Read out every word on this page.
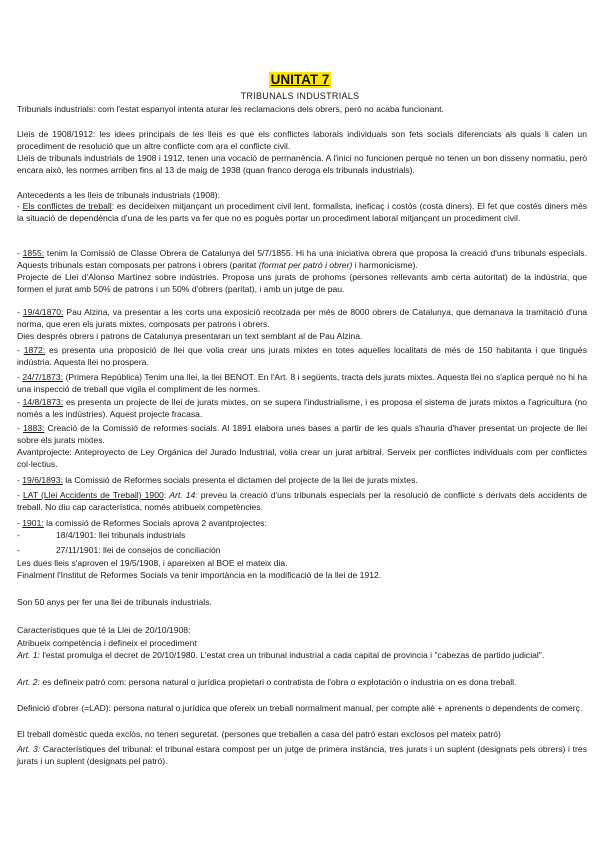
UNITAT 7
TRIBUNALS INDUSTRIALS
Tribunals industrials: com l'estat espanyol intenta aturar les reclamacions dels obrers, però no acaba funcionant.
Lleis de 1908/1912: les idees principals de les lleis es que els conflictes laborals individuals son fets socials diferenciats als quals li calen un procediment de resolució que un altre conflicte com ara el conflicte civil.
Lleis de tribunals industrials de 1908 i 1912, tenen una vocació de permanència. A l'inici no funcionen perquè no tenen un bon disseny normatiu, però encara això, les normes arriben fins al 13 de maig de 1938 (quan franco deroga els tribunals industrials).
Antecedents a les lleis de tribunals industrials (1908):
- Els conflictes de treball: es decideixen mitjançant un procediment civil lent, formalista, ineficaç i costós (costa diners). El fet que costés diners més la situació de dependència d'una de les parts va fer que no es poguès portar un procediment laboral mitjançant un procediment civil.
- 1855: tenim la Comissió de Classe Obrera de Catalunya del 5/7/1855. Hi ha una iniciativa obrera que proposa la creació d'uns tribunals especials. Aquests tribunals estan composats per patrons i obrers (paritat (format per patró i obrer) i harmonicisme).
Projecte de Llei d'Alonso Martínez sobre indústries. Proposa uns jurats de prohoms (persones rellevants amb certa autoritat) de la indústria, que formen el jurat amb 50% de patrons i un 50% d'obrers (paritat), i amb un jutge de pau.
- 19/4/1870: Pau Alzina, va presentar a les corts una exposició recolzada per més de 8000 obrers de Catalunya, que demanava la tramitació d'una norma, que eren els jurats mixtes, composats per patrons i obrers.
Dies després obrers i patrons de Catalunya presentaran un text semblant al de Pau Alzina.
- 1872: es presenta una proposició de llei que volia crear uns jurats mixtes en totes aquelles localitats de més de 150 habitanta i que tingués indústria. Aquesta llei no prospera.
- 24/7/1873: (Primera República) Tenim una llei, la llei BENOT. En l'Art. 8 i següents, tracta dels jurats mixtes. Aquesta llei no s'aplica perquè no hi ha una inspecció de treball que vigila el compliment de les normes.
- 14/8/1873: es presenta un projecte de llei de jurats mixtes, on se supera l'industrialisme, i es proposa el sistema de jurats mixtos a l'agricultura (no només a les indústries). Aquest projecte fracasa.
- 1883: Creació de la Comissió de reformes socials. Al 1891 elabora unes bases a partir de les quals s'hauria d'haver presentat un projecte de llei sobre els jurats mixtes.
Avantprojecte: Anteproyecto de Ley Orgánica del Jurado Industrial, volia crear un jurat arbitral. Serveix per conflictes individuals com per conflictes col·lectius.
- 19/6/1893: la Comissió de Reformes socials presenta el dictamen del projecte de la llei de jurats mixtes.
- LAT (Llei Accidents de Treball) 1900: Art. 14: preveu la creació d'uns tribunals especials per la resolució de conflicte s derivats dels accidents de treball. No diu cap característica, només atribueix competències.
- 1901: la comissió de Reformes Socials aprova 2 avantprojectes:
-	18/4/1901: llei tribunals industrials
-	27/11/1901: llei de consejos de conciliación
Les dues lleis s'aproven el 19/5/1908, i apareixen al BOE el mateix dia.
Finalment l'Institut de Reformes Socials va tenir importància en la modificació de la llei de 1912.
Son 50 anys per fer una llei de tribunals industrials.
Característiques que té la Llei de 20/10/1908:
Atribueix competència i defineix el procediment
Art. 1: l'estat promulga el decret de 20/10/1980. L'estat crea un tribunal industrial a cada capital de provincia i "cabezas de partido judicial".
Art. 2: es defineix patró com: persona natural o jurídica propietari o contratista de l'obra o explotación o industria on es dona treball.
Definició d'obrer (=LAD): persona natural o jurídica que ofereix un treball normalment manual, per compte aliè + aprenents o dependents de comerç.
El treball domèstic queda exclòs, no tenen seguretat. (persones que treballen a casa del patró estan exclosos pel mateix patró)
Art. 3: Característiques del tribunal: el tribunal estara compost per un jutge de primera instància, tres jurats i un suplent (designats pels obrers) i tres jurats i un suplent (designats pel patró).
